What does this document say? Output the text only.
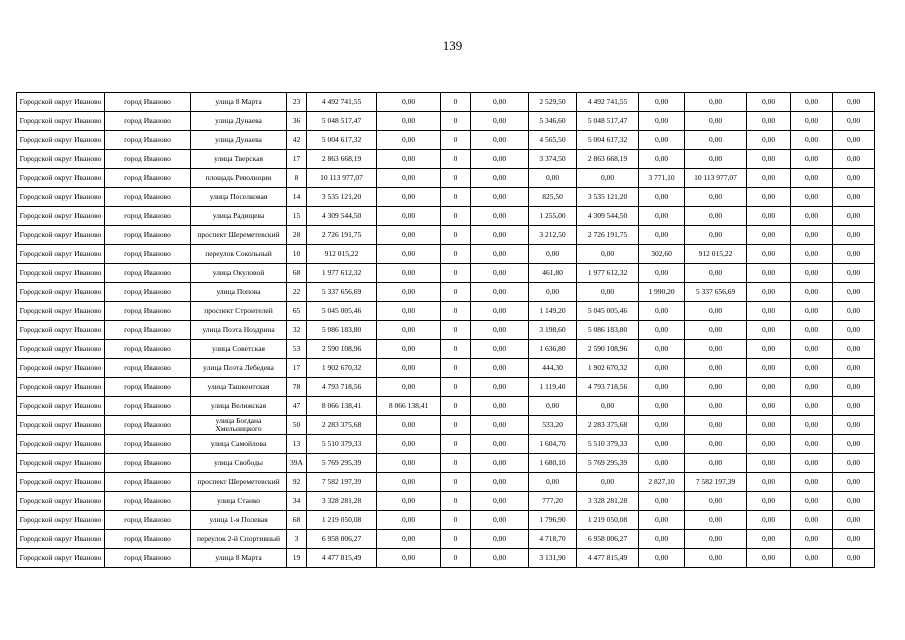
139
Городской округ Иваново	город Иваново	улица 8 Марта	23	4 492 741,55	0,00	0	0,00	2 529,50	4 492 741,55	0,00	0,00	0,00	0,00	0,00
Городской округ Иваново	город Иваново	улица Дунаева	36	5 048 517,47	0,00	0	0,00	5 346,60	5 048 517,47	0,00	0,00	0,00	0,00	0,00
Городской округ Иваново	город Иваново	улица Дунаева	42	5 004 617,32	0,00	0	0,00	4 565,50	5 004 617,32	0,00	0,00	0,00	0,00	0,00
Городской округ Иваново	город Иваново	улица Тверская	17	2 863 668,19	0,00	0	0,00	3 374,50	2 863 668,19	0,00	0,00	0,00	0,00	0,00
Городской округ Иваново	город Иваново	площадь Революции	8	10 113 977,07	0,00	0	0,00	0,00	0,00	3 771,10	10 113 977,07	0,00	0,00	0,00
Городской округ Иваново	город Иваново	улица Поселковая	14	3 535 121,20	0,00	0	0,00	825,50	3 535 121,20	0,00	0,00	0,00	0,00	0,00
Городской округ Иваново	город Иваново	улица Радищева	15	4 309 544,50	0,00	0	0,00	1 255,00	4 309 544,50	0,00	0,00	0,00	0,00	0,00
Городской округ Иваново	город Иваново	проспект Шереметевский	28	2 726 191,75	0,00	0	0,00	3 212,50	2 726 191,75	0,00	0,00	0,00	0,00	0,00
Городской округ Иваново	город Иваново	переулок Сокольный	10	912 015,22	0,00	0	0,00	0,00	0,00	302,60	912 015,22	0,00	0,00	0,00
Городской округ Иваново	город Иваново	улица Окуловой	68	1 977 612,32	0,00	0	0,00	461,80	1 977 612,32	0,00	0,00	0,00	0,00	0,00
Городской округ Иваново	город Иваново	улица Попова	22	5 337 656,69	0,00	0	0,00	0,00	0,00	1 990,20	5 337 656,69	0,00	0,00	0,00
Городской округ Иваново	город Иваново	проспект Строителей	65	5 045 005,46	0,00	0	0,00	1 149,20	5 045 005,46	0,00	0,00	0,00	0,00	0,00
Городской округ Иваново	город Иваново	улица Поэта Ноздрина	32	5 086 183,80	0,00	0	0,00	3 198,60	5 086 183,80	0,00	0,00	0,00	0,00	0,00
Городской округ Иваново	город Иваново	улица Советская	53	2 590 108,96	0,00	0	0,00	1 636,80	2 590 108,96	0,00	0,00	0,00	0,00	0,00
Городской округ Иваново	город Иваново	улица Поэта Лебедева	17	1 902 670,32	0,00	0	0,00	444,30	1 902 670,32	0,00	0,00	0,00	0,00	0,00
Городской округ Иваново	город Иваново	улица Ташкентская	78	4 793 718,56	0,00	0	0,00	1 119,40	4 793 718,56	0,00	0,00	0,00	0,00	0,00
Городской округ Иваново	город Иваново	улица Велижская	47	8 066 138,41	8 066 138,41	0	0,00	0,00	0,00	0,00	0,00	0,00	0,00	0,00
Городской округ Иваново	город Иваново	улица Богдана Хмельницкого	50	2 283 375,68	0,00	0	0,00	533,20	2 283 375,68	0,00	0,00	0,00	0,00	0,00
Городской округ Иваново	город Иваново	улица Самойлова	13	5 510 379,33	0,00	0	0,00	1 604,70	5 510 379,33	0,00	0,00	0,00	0,00	0,00
Городской округ Иваново	город Иваново	улица Свободы	39А	5 769 295,39	0,00	0	0,00	1 680,10	5 769 295,39	0,00	0,00	0,00	0,00	0,00
Городской округ Иваново	город Иваново	проспект Шереметевский	92	7 582 197,39	0,00	0	0,00	0,00	0,00	2 827,10	7 582 197,39	0,00	0,00	0,00
Городской округ Иваново	город Иваново	улица Станко	34	3 328 281,28	0,00	0	0,00	777,20	3 328 281,28	0,00	0,00	0,00	0,00	0,00
Городской округ Иваново	город Иваново	улица 1-я Полевая	68	1 219 050,08	0,00	0	0,00	1 796,90	1 219 050,08	0,00	0,00	0,00	0,00	0,00
Городской округ Иваново	город Иваново	переулок 2-й Спортивный	3	6 958 006,27	0,00	0	0,00	4 718,70	6 958 006,27	0,00	0,00	0,00	0,00	0,00
Городской округ Иваново	город Иваново	улица 8 Марта	19	4 477 815,49	0,00	0	0,00	3 131,90	4 477 815,49	0,00	0,00	0,00	0,00	0,00
